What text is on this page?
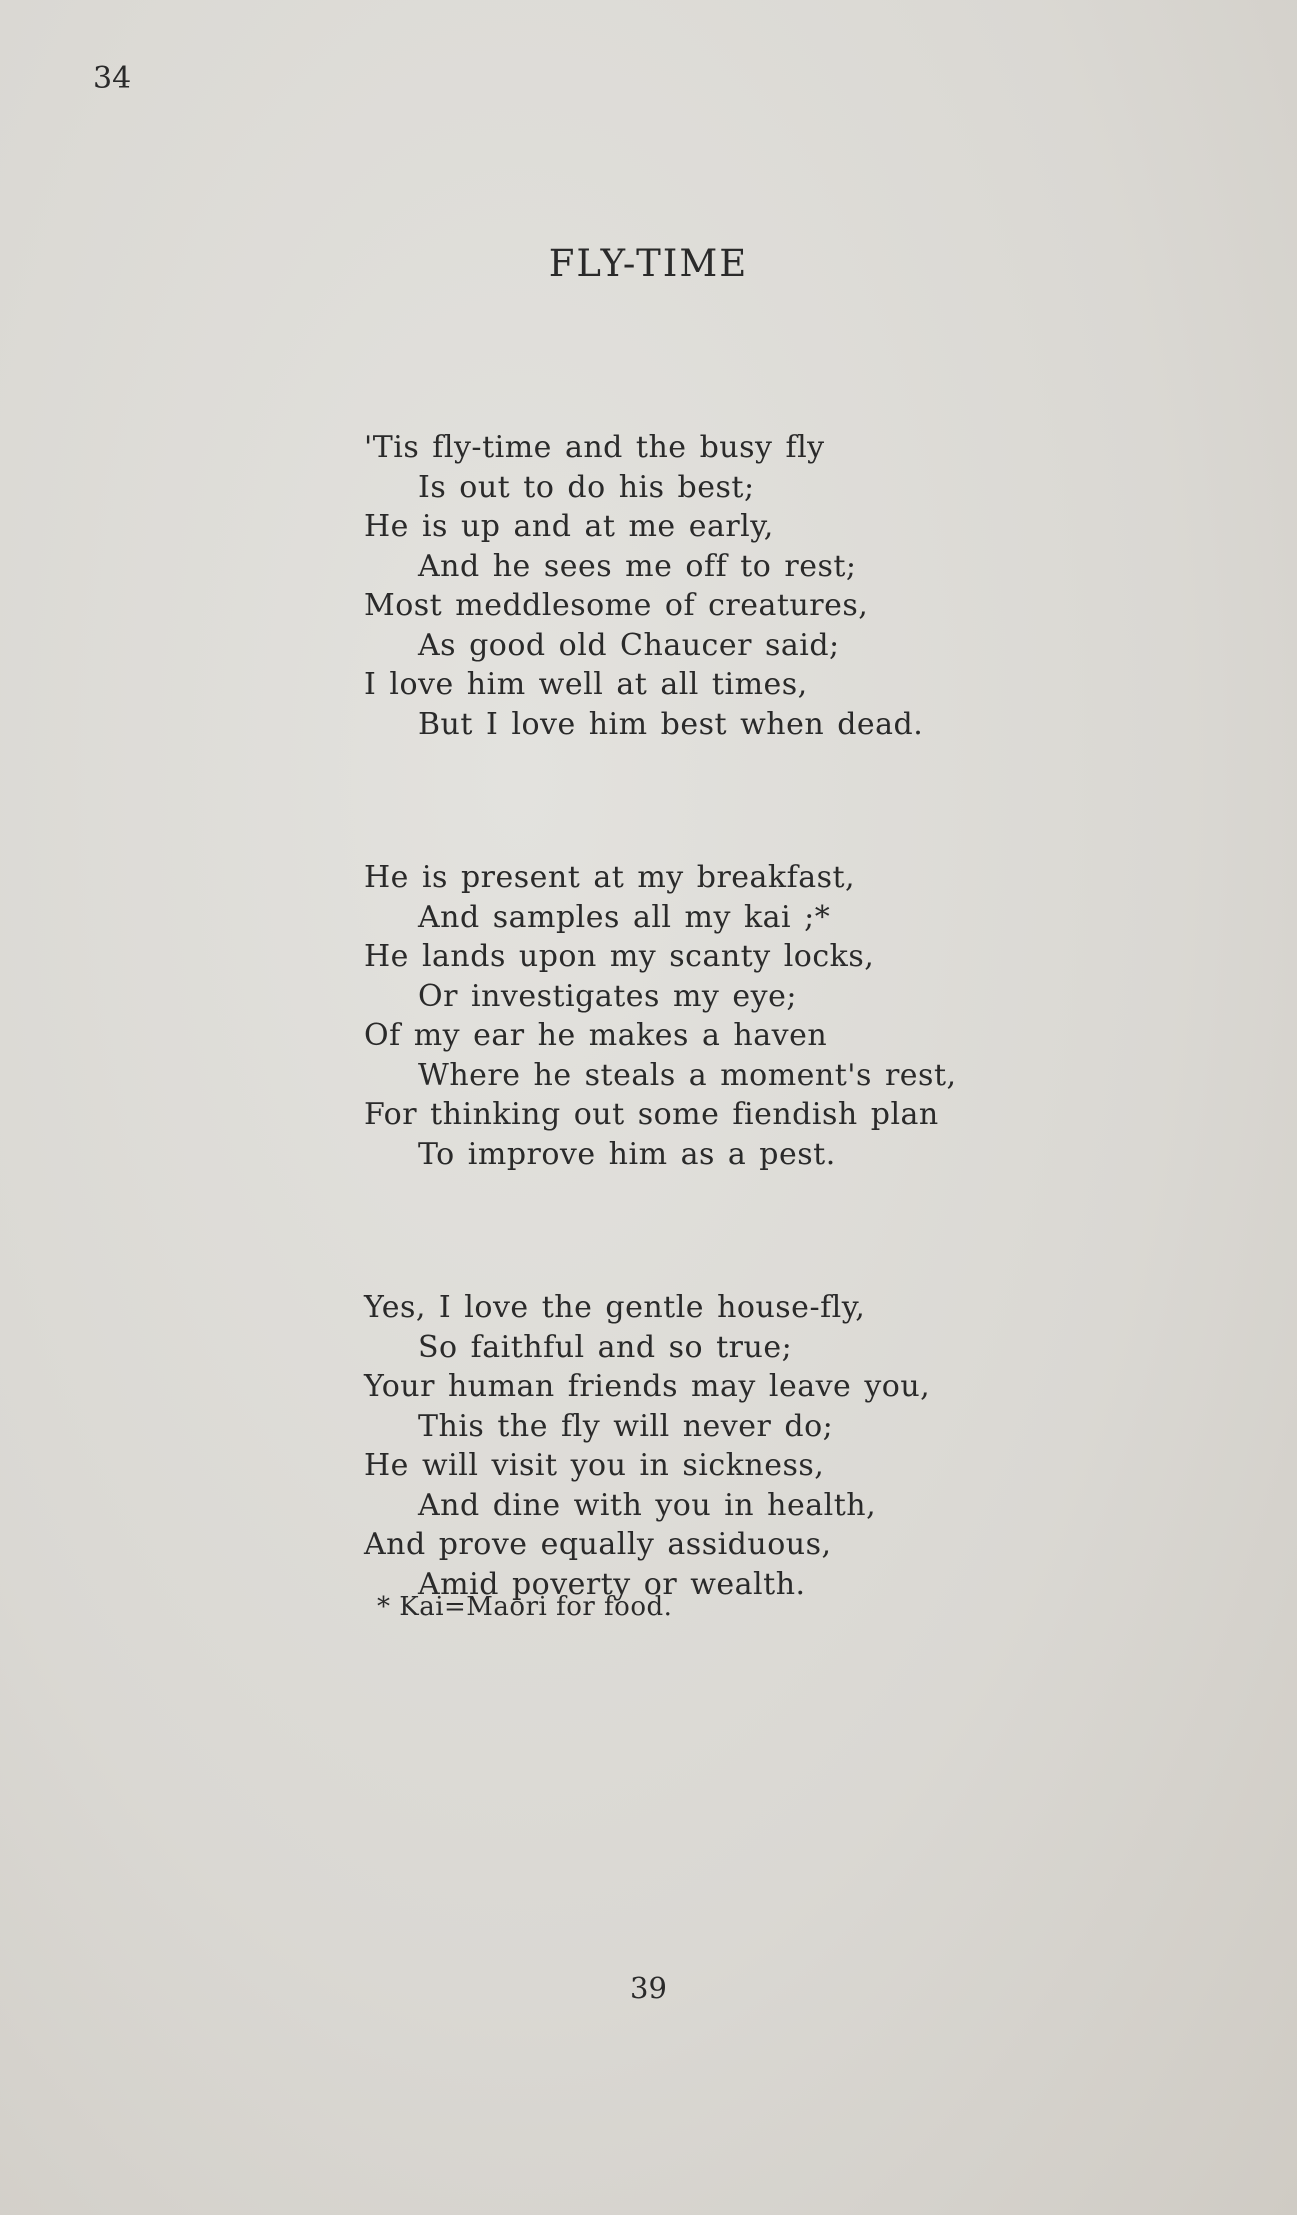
34
FLY-TIME
'Tis fly-time and the busy fly
Is out to do his best;
He is up and at me early,
And he sees me off to rest;
Most meddlesome of creatures,
As good old Chaucer said;
I love him well at all times,
But I love him best when dead.
He is present at my breakfast,
And samples all my kai ;*
He lands upon my scanty locks,
Or investigates my eye;
Of my ear he makes a haven
Where he steals a moment's rest,
For thinking out some fiendish plan
To improve him as a pest.
Yes, I love the gentle house-fly,
So faithful and so true;
Your human friends may leave you,
This the fly will never do;
He will visit you in sickness,
And dine with you in health,
And prove equally assiduous,
Amid poverty or wealth.
* Kai=Maori for food.
39
